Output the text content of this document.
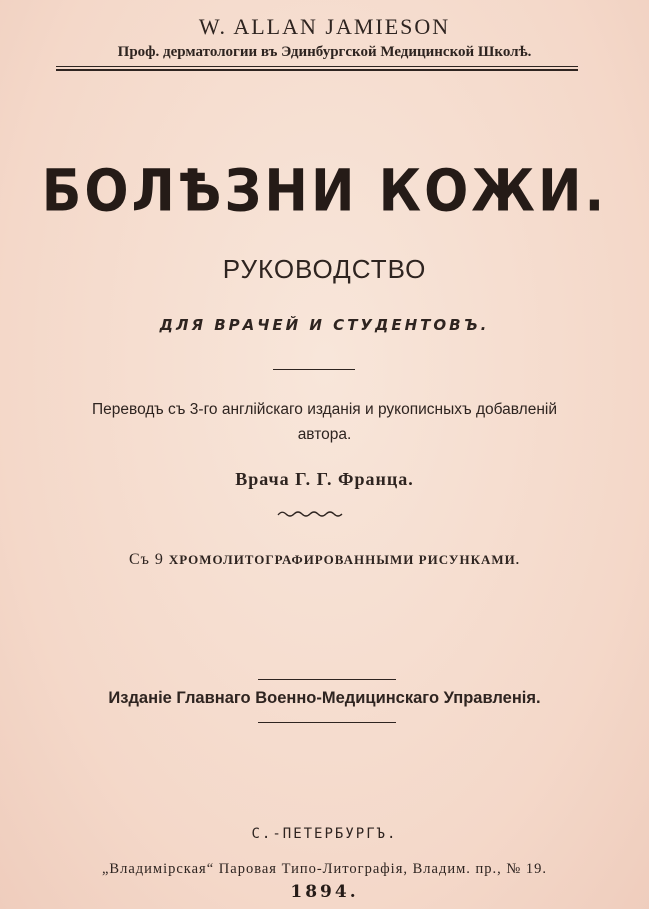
W. ALLAN JAMIESON
Проф. дерматологии въ Эдинбургской Медицинской Школѣ.
БОЛѢЗНИ КОЖИ.
РУКОВОДСТВО
ДЛЯ ВРАЧЕЙ И СТУДЕНТОВЪ.
Переводъ съ 3-го англійскаго изданія и рукописныхъ добавленій
автора.
Врача Г. Г. Франца.
Съ 9 ХРОМОЛИТОГРАФИРОВАННЫМИ РИСУНКАМИ.
Изданіе Главнаго Военно-Медицинскаго Управленія.
С.-ПЕТЕРБУРГЪ.
„Владимірская“ Паровая Типо-Литографія, Владим. пр., № 19.
1894.
